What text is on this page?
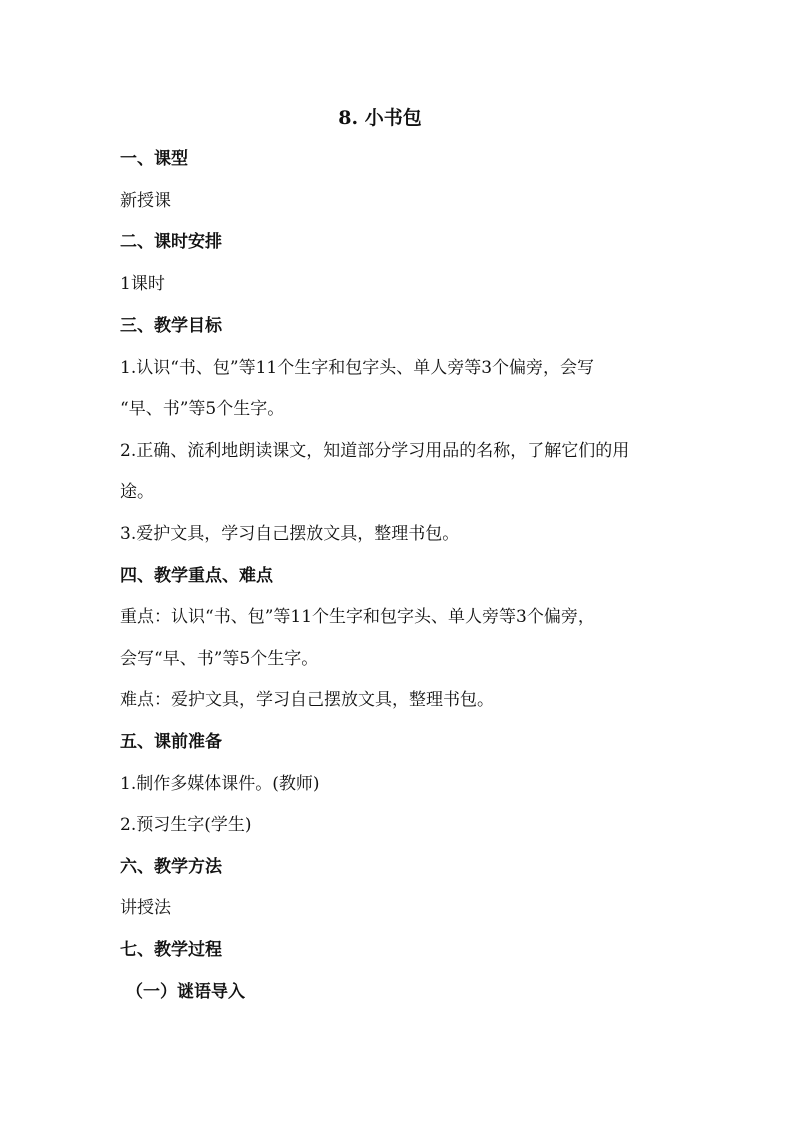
8. 小书包
一、课型
新授课
二、课时安排
1课时
三、教学目标
1.认识“书、包”等11个生字和包字头、单人旁等3个偏旁，会写
“早、书”等5个生字。
2.正确、流利地朗读课文，知道部分学习用品的名称，了解它们的用
途。
3.爱护文具，学习自己摆放文具，整理书包。
四、教学重点、难点
重点：认识“书、包”等11个生字和包字头、单人旁等3个偏旁，
会写“早、书”等5个生字。
难点：爱护文具，学习自己摆放文具，整理书包。
五、课前准备
1.制作多媒体课件。(教师)
2.预习生字(学生)
六、教学方法
讲授法
七、教学过程
（一）谜语导入
